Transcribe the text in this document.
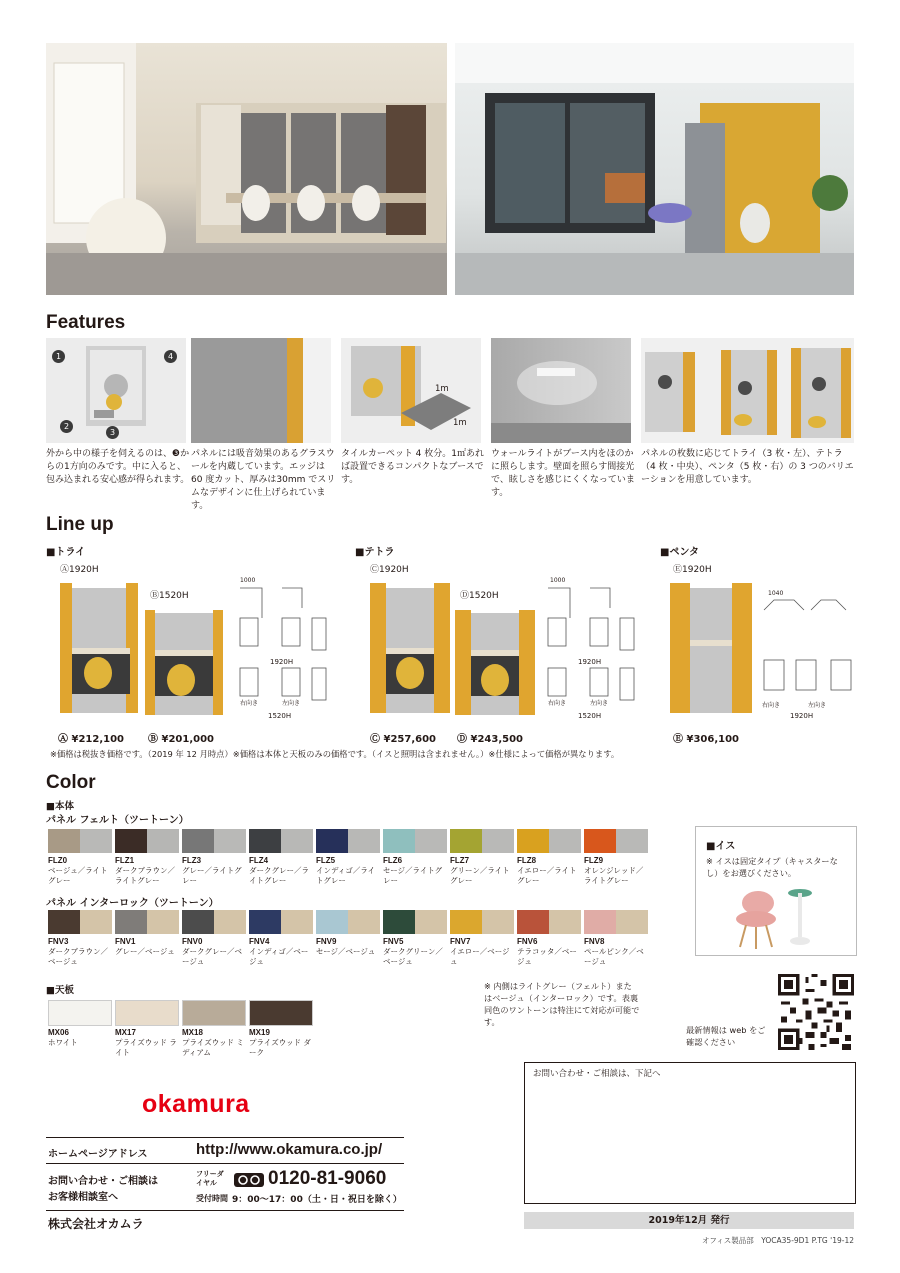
Features
1
2
3
4
1m
1m

外から中の様子を伺えるのは、❸からの1方向のみです。中に入ると、包み込まれる安心感が得られます。

パネルには吸音効果のあるグラスウールを内蔵しています。エッジは 60 度カット、厚みは30mm でスリムなデザインに仕上げられています。

タイルカーペット 4 枚分。1㎡あれば設置できるコンパクトなブースです。

ウォールライトがブース内をほのかに照らします。壁面を照らす間接光で、眩しさを感じにくくなっています。

パネルの枚数に応じてトライ（3 枚・左）、テトラ（4 枚・中央）、ペンタ（5 枚・右）の 3 つのバリエーションを用意しています。

Line up
■トライ
Ⓐ1920H
Ⓑ1520H
1000
1920H
1520H
右向き	左向き
Ⓐ ¥212,100 Ⓑ ¥201,000
■テトラ
Ⓒ1920H
Ⓓ1520H
1000
1920H
1520H
右向き	左向き
Ⓒ ¥257,600 Ⓓ ¥243,500
■ペンタ
Ⓔ1920H
1040
1920H
右向き	左向き
Ⓔ ¥306,100
※価格は税抜き価格です。（2019 年 12 月時点）※価格は本体と天板のみの価格です。（イスと照明は含まれません。）※仕様によって価格が異なります。
Color
■本体
パネル フェルト（ツートーン）
FLZ0
ベージュ／ライトグレー
FLZ1
ダークブラウン／ライトグレー
FLZ3
グレー／ライトグレー
FLZ4
ダークグレー／ライトグレー
FLZ5
インディゴ／ライトグレー
FLZ6
セージ／ライトグレー
FLZ7
グリーン／ライトグレー
FLZ8
イエロー／ライトグレー
FLZ9
オレンジレッド／ライトグレー
パネル インターロック（ツートーン）
FNV3
ダークブラウン／ベージュ
FNV1
グレー／ベージュ
FNV0
ダークグレー／ベージュ
FNV4
インディゴ／ベージュ
FNV9
セージ／ベージュ
FNV5
ダークグリーン／ベージュ
FNV7
イエロー／ベージュ
FNV6
テラコッタ／ベージュ
FNV8
ペールピンク／ベージュ
■天板
MX06
ホワイト
MX17
プライズウッド ライト
MX18
プライズウッド ミディアム
MX19
プライズウッド ダーク
※ 内側はライトグレー（フェルト）またはベージュ（インターロック）です。表裏同色のワントーンは特注にて対応が可能です。
■イス
※ イスは固定タイプ（キャスターなし）をお選びください。
最新情報は web をご確認ください
お問い合わせ・ご相談は、下記へ
2019年12月 発行
オフィス製品部　YOCA35-9D1 P.TG '19-12
okamura
ホームページアドレス	http://www.okamura.co.jp/
お問い合わせ・ご相談は
お客様相談室へ
フリーダイヤル	0120-81-9060
受付時間 9：00〜17：00（土・日・祝日を除く）
株式会社オカムラ
